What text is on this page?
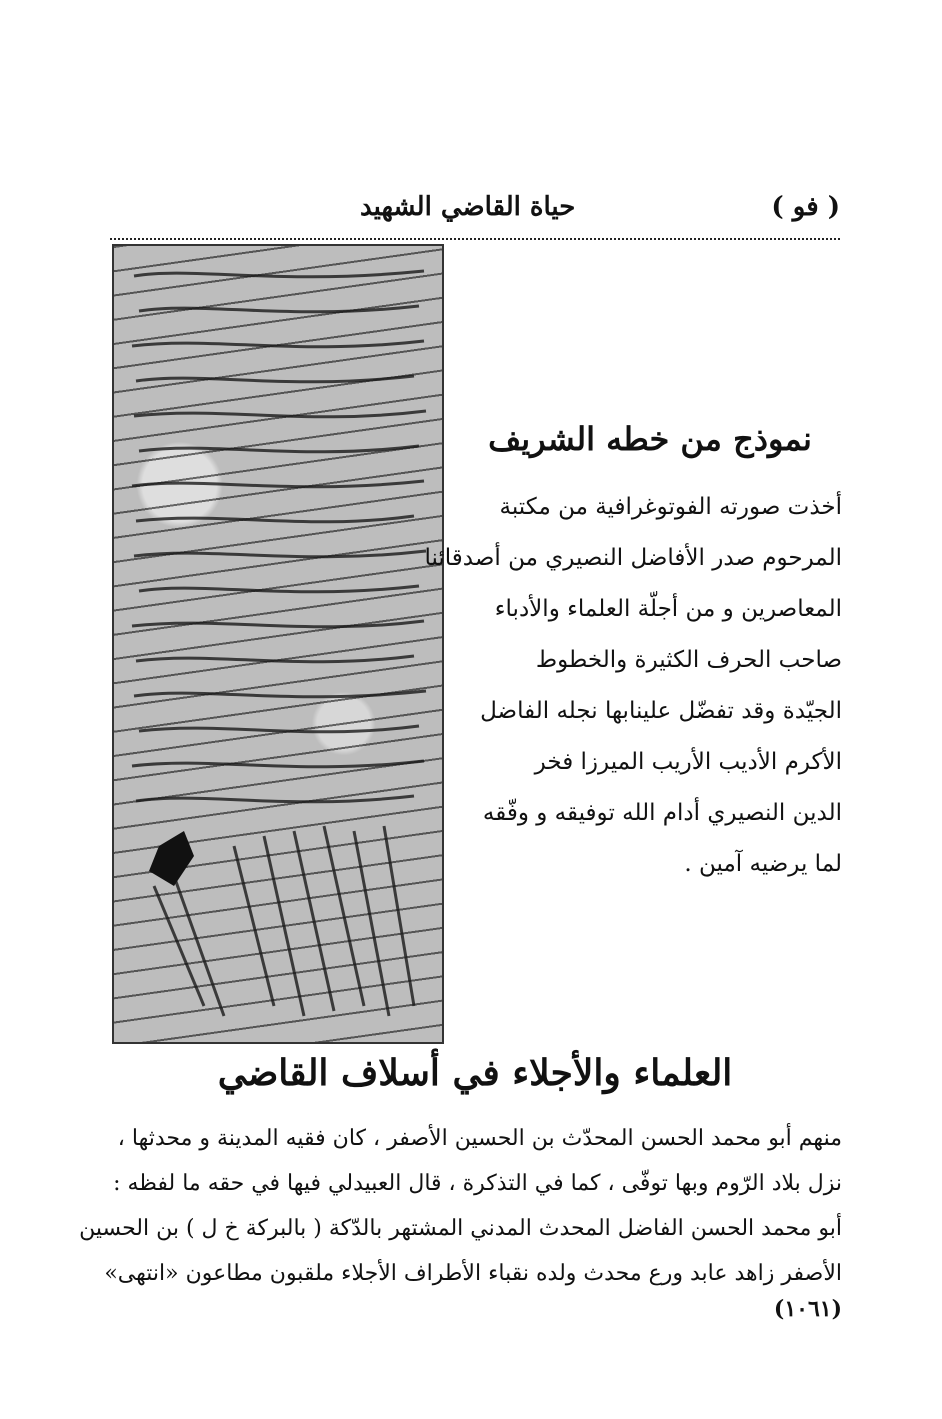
( فو )
حياة القاضي الشهيد
نموذج من خطه الشريف
أخذت صورته الفوتوغرافية من مكتبة
المرحوم صدر الأفاضل النصيري من أصدقائنا
المعاصرين و من أجلّة العلماء والأدباء
صاحب الحرف الكثيرة والخطوط
الجيّدة وقد تفضّل علينابها نجله الفاضل
الأكرم الأديب الأريب الميرزا فخر
الدين النصيري أدام الله توفيقه و وفّقه
لما يرضيه آمين .
العلماء والأجلاء في أسلاف القاضي
منهم أبو محمد الحسن المحدّث بن الحسين الأصفر ، كان فقيه المدينة و محدثها ،
نزل بلاد الرّوم وبها توفّى ، كما في التذكرة ، قال العبيدلي فيها في حقه ما لفظه :
أبو محمد الحسن الفاضل المحدث المدني المشتهر بالدّكة ( بالبركة خ ل ) بن الحسين
الأصفر زاهد عابد ورع محدث ولده نقباء الأطراف الأجلاء ملقبون مطاعون «انتهى»
(١٠٦١)
